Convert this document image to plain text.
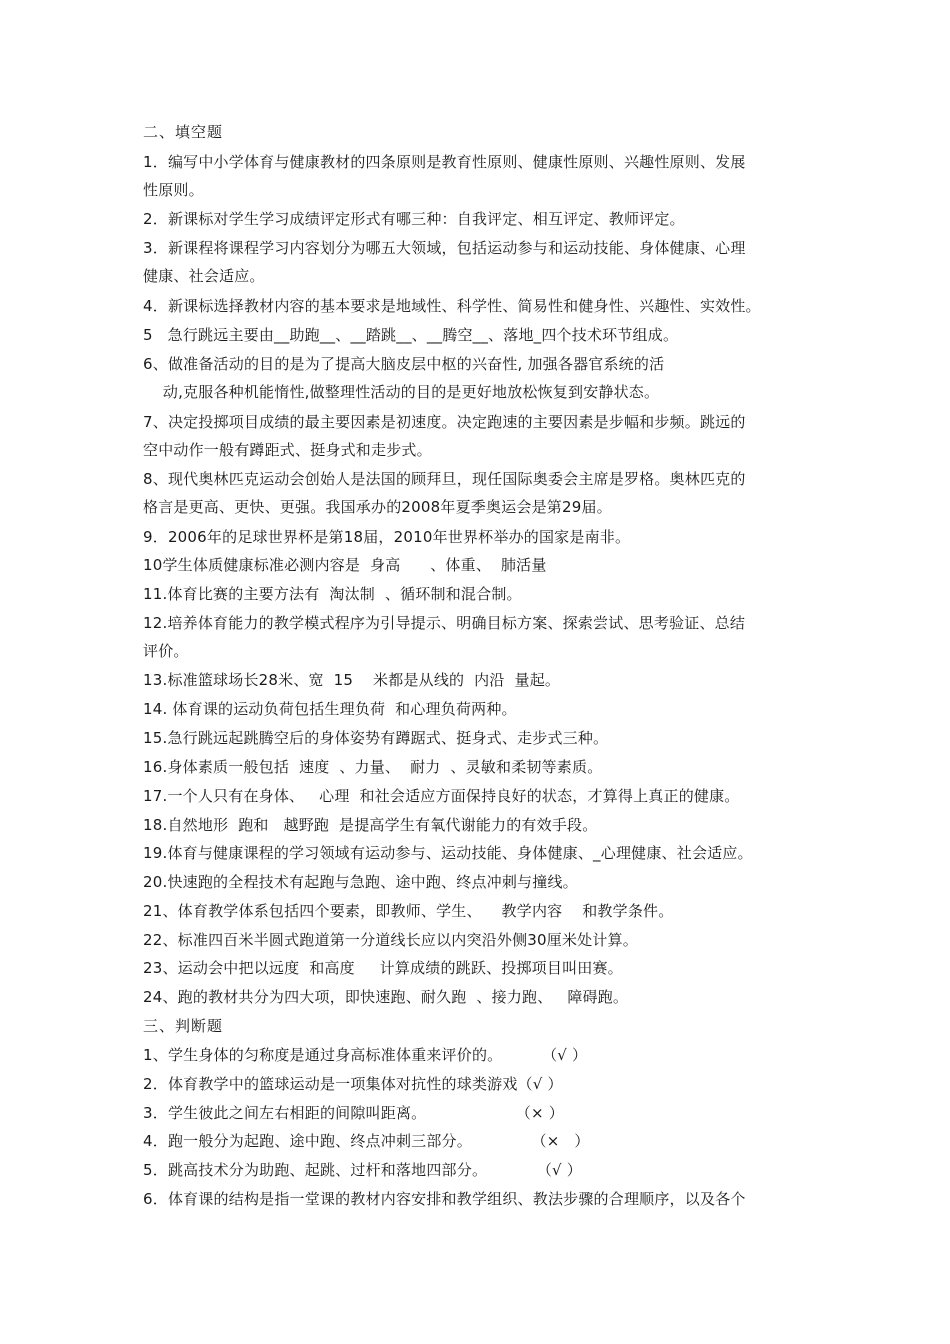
二、填空题
1．编写中小学体育与健康教材的四条原则是教育性原则、健康性原则、兴趣性原则、发展
性原则。
2．新课标对学生学习成绩评定形式有哪三种：自我评定、相互评定、教师评定。
3．新课程将课程学习内容划分为哪五大领域，包括运动参与和运动技能、身体健康、心理
健康、社会适应。
4．新课标选择教材内容的基本要求是地域性、科学性、简易性和健身性、兴趣性、实效性。
5   急行跳远主要由__助跑__、__踏跳__、__腾空__、落地_四个技术环节组成。
6、做准备活动的目的是为了提高大脑皮层中枢的兴奋性, 加强各器官系统的活
动,克服各种机能惰性,做整理性活动的目的是更好地放松恢复到安静状态。
7、决定投掷项目成绩的最主要因素是初速度。决定跑速的主要因素是步幅和步频。跳远的
空中动作一般有蹲距式、挺身式和走步式。
8、现代奥林匹克运动会创始人是法国的顾拜旦，现任国际奥委会主席是罗格。奥林匹克的
格言是更高、更快、更强。我国承办的2008年夏季奥运会是第29届。
9．2006年的足球世界杯是第18届，2010年世界杯举办的国家是南非。
10学生体质健康标准必测内容是  身高      、体重、  肺活量
11.体育比赛的主要方法有  淘汰制  、循环制和混合制。
12.培养体育能力的教学模式程序为引导提示、明确目标方案、探索尝试、思考验证、总结
评价。
13.标准篮球场长28米、宽  15    米都是从线的  内沿  量起。
14. 体育课的运动负荷包括生理负荷  和心理负荷两种。
15.急行跳远起跳腾空后的身体姿势有蹲踞式、挺身式、走步式三种。
16.身体素质一般包括  速度  、力量、  耐力  、灵敏和柔韧等素质。
17.一个人只有在身体、   心理  和社会适应方面保持良好的状态，才算得上真正的健康。
18.自然地形  跑和   越野跑  是提高学生有氧代谢能力的有效手段。
19.体育与健康课程的学习领域有运动参与、运动技能、身体健康、_心理健康、社会适应。
20.快速跑的全程技术有起跑与急跑、途中跑、终点冲刺与撞线。
21、体育教学体系包括四个要素，即教师、学生、    教学内容    和教学条件。
22、标准四百米半圆式跑道第一分道线长应以内突沿外侧30厘米处计算。
23、运动会中把以远度  和高度     计算成绩的跳跃、投掷项目叫田赛。
24、跑的教材共分为四大项，即快速跑、耐久跑  、接力跑、   障碍跑。
三、判断题
1、学生身体的匀称度是通过身高标准体重来评价的。        （√ ）
2．体育教学中的篮球运动是一项集体对抗性的球类游戏（√ ）
3．学生彼此之间左右相距的间隙叫距离。                  （× ）
4．跑一般分为起跑、途中跑、终点冲刺三部分。            （×   ）
5．跳高技术分为助跑、起跳、过杆和落地四部分。          （√ ）
6．体育课的结构是指一堂课的教材内容安排和教学组织、教法步骤的合理顺序，以及各个
